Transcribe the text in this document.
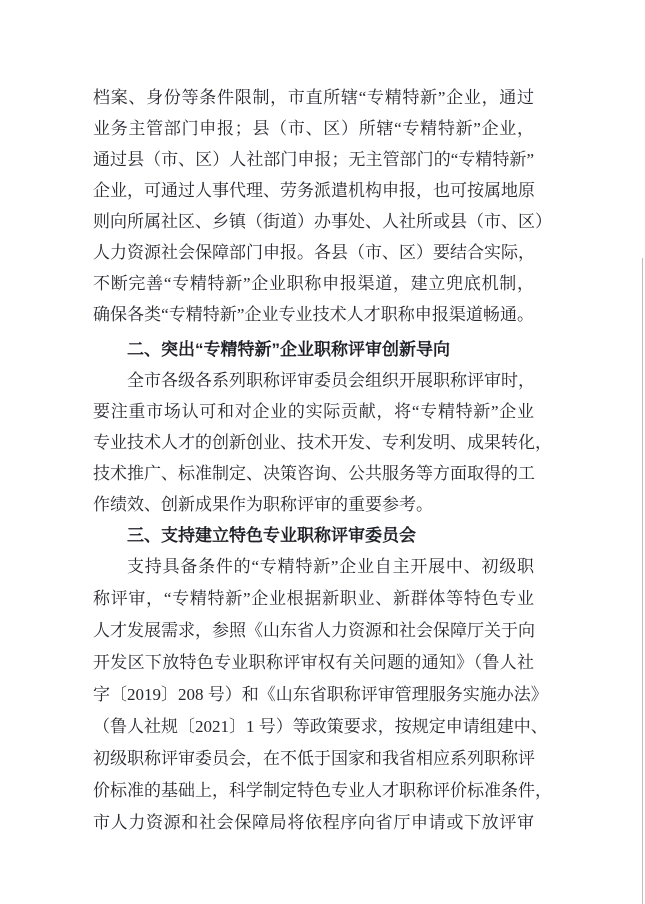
档案、身份等条件限制，市直所辖“专精特新”企业，通过
业务主管部门申报；县（市、区）所辖“专精特新”企业，
通过县（市、区）人社部门申报；无主管部门的“专精特新”
企业，可通过人事代理、劳务派遣机构申报，也可按属地原
则向所属社区、乡镇（街道）办事处、人社所或县（市、区）
人力资源社会保障部门申报。各县（市、区）要结合实际，
不断完善“专精特新”企业职称申报渠道，建立兜底机制，
确保各类“专精特新”企业专业技术人才职称申报渠道畅通。
二、突出“专精特新”企业职称评审创新导向
全市各级各系列职称评审委员会组织开展职称评审时，
要注重市场认可和对企业的实际贡献，将“专精特新”企业
专业技术人才的创新创业、技术开发、专利发明、成果转化，
技术推广、标准制定、决策咨询、公共服务等方面取得的工
作绩效、创新成果作为职称评审的重要参考。
三、支持建立特色专业职称评审委员会
支持具备条件的“专精特新”企业自主开展中、初级职
称评审，“专精特新”企业根据新职业、新群体等特色专业
人才发展需求，参照《山东省人力资源和社会保障厅关于向
开发区下放特色专业职称评审权有关问题的通知》（鲁人社
字〔2019〕208 号）和《山东省职称评审管理服务实施办法》
（鲁人社规〔2021〕1 号）等政策要求，按规定申请组建中、
初级职称评审委员会，在不低于国家和我省相应系列职称评
价标准的基础上，科学制定特色专业人才职称评价标准条件，
市人力资源和社会保障局将依程序向省厅申请或下放评审
